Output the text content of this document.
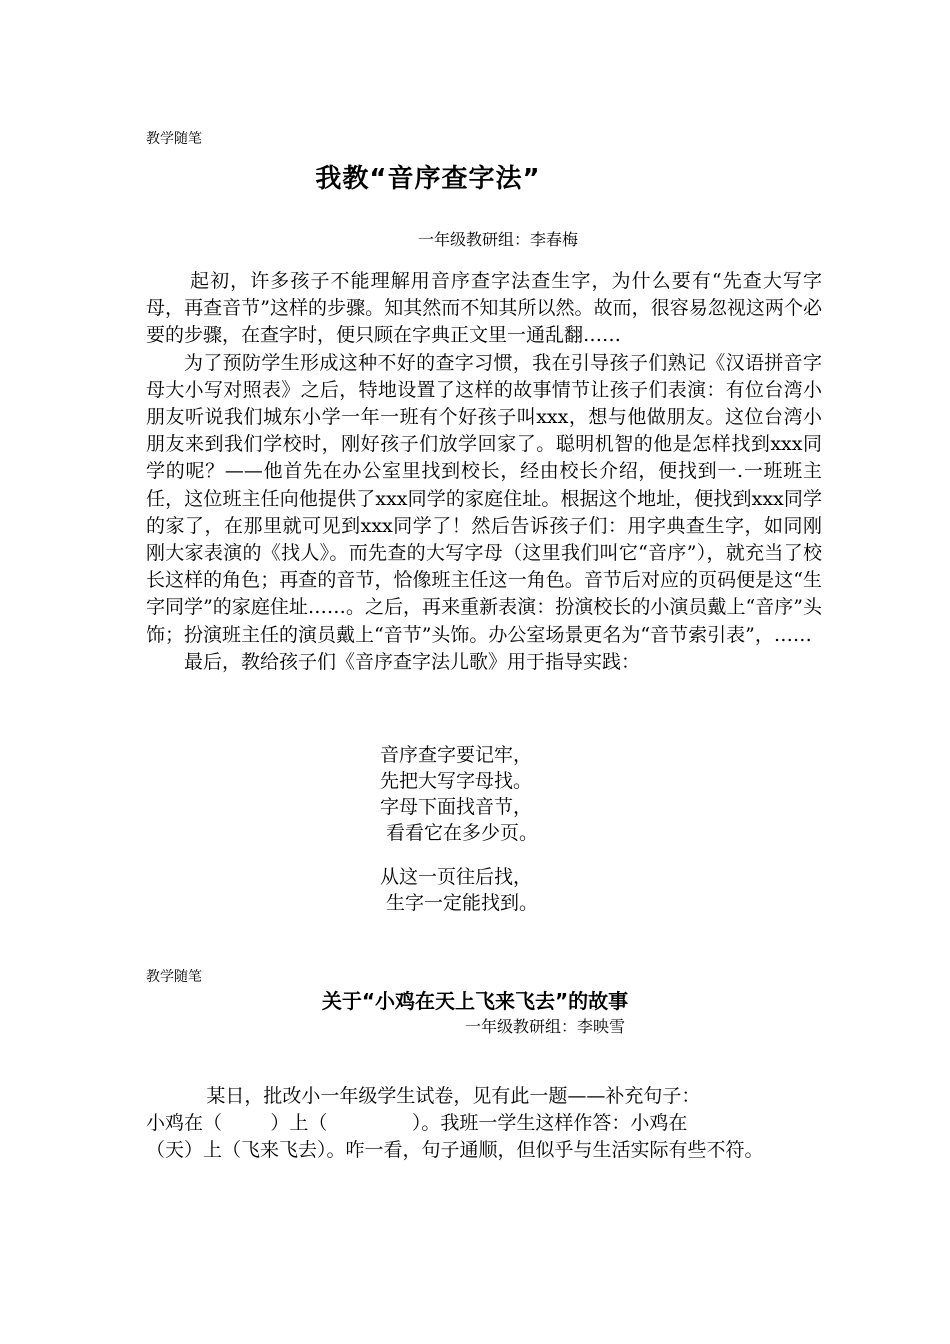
教学随笔
我教“音序查字法”
一年级教研组：李春梅

起初，许多孩子不能理解用音序查字法查生字，为什么要有“先查大写字母，再查音节”这样的步骤。知其然而不知其所以然。故而，很容易忽视这两个必要的步骤，在查字时，便只顾在字典正文里一通乱翻……

为了预防学生形成这种不好的查字习惯，我在引导孩子们熟记《汉语拼音字母大小写对照表》之后，特地设置了这样的故事情节让孩子们表演：有位台湾小朋友听说我们城东小学一年一班有个好孩子叫xxx，想与他做朋友。这位台湾小朋友来到我们学校时，刚好孩子们放学回家了。聪明机智的他是怎样找到xxx同学的呢？——他首先在办公室里找到校长，经由校长介绍，便找到一.一班班主任，这位班主任向他提供了xxx同学的家庭住址。根据这个地址，便找到xxx同学的家了，在那里就可见到xxx同学了！然后告诉孩子们：用字典查生字，如同刚刚大家表演的《找人》。而先查的大写字母（这里我们叫它“音序”），就充当了校长这样的角色；再查的音节，恰像班主任这一角色。音节后对应的页码便是这“生字同学”的家庭住址……。之后，再来重新表演：扮演校长的小演员戴上“音序”头饰；扮演班主任的演员戴上“音节”头饰。办公室场景更名为“音节索引表”，……

最后，教给孩子们《音序查字法儿歌》用于指导实践：

音序查字要记牢，
先把大写字母找。
字母下面找音节，
看看它在多少页。
从这一页往后找，
生字一定能找到。
教学随笔
关于“小鸡在天上飞来飞去”的故事
一年级教研组：李映雪
某日，批改小一年级学生试卷，见有此一题——补充句子：
小鸡在（        ）上（              ）。我班一学生这样作答：小鸡在
（天）上（飞来飞去）。咋一看，句子通顺，但似乎与生活实际有些不符。
